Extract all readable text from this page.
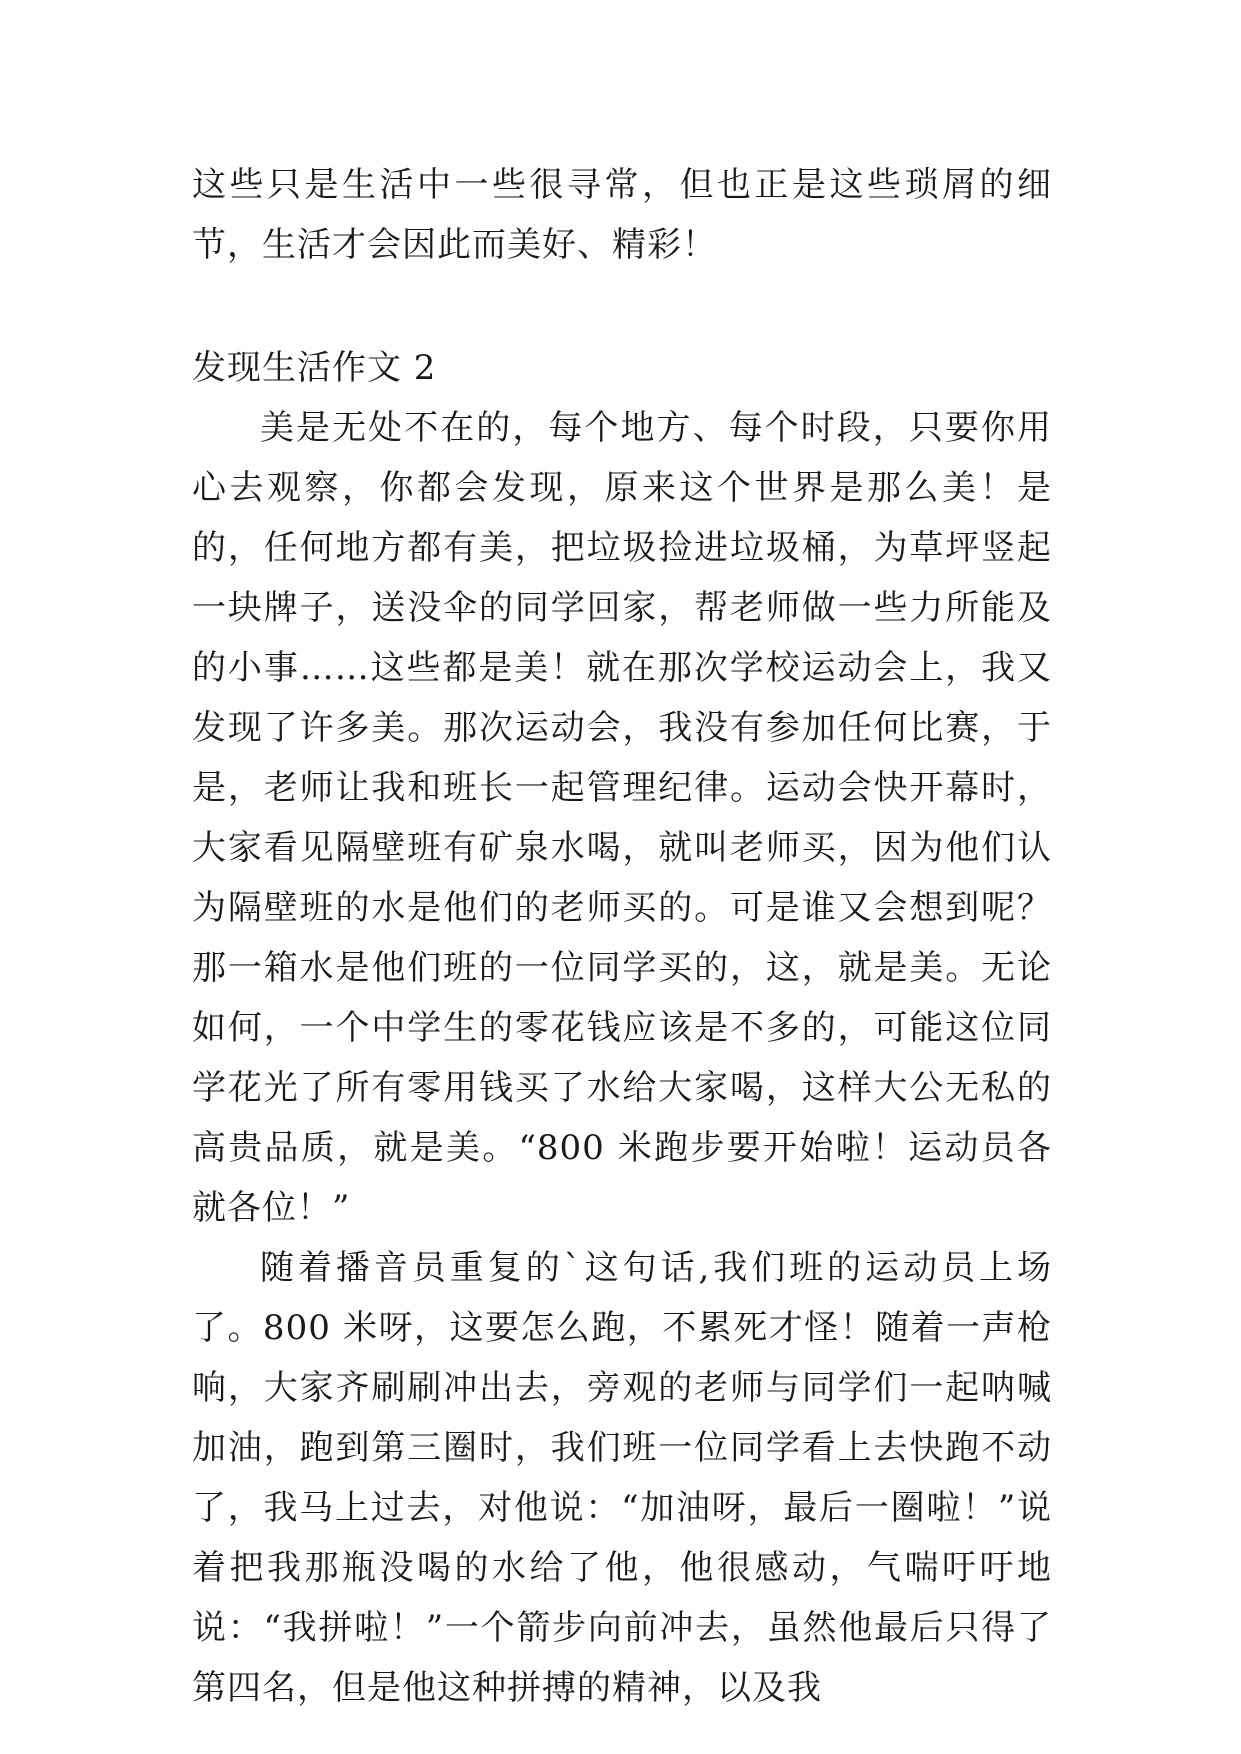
这些只是生活中一些很寻常，但也正是这些琐屑的细节，生活才会因此而美好、精彩！

发现生活作文 2

美是无处不在的，每个地方、每个时段，只要你用心去观察，你都会发现，原来这个世界是那么美！是的，任何地方都有美，把垃圾捡进垃圾桶，为草坪竖起一块牌子，送没伞的同学回家，帮老师做一些力所能及的小事……这些都是美！就在那次学校运动会上，我又发现了许多美。那次运动会，我没有参加任何比赛，于是，老师让我和班长一起管理纪律。运动会快开幕时，大家看见隔壁班有矿泉水喝，就叫老师买，因为他们认为隔壁班的水是他们的老师买的。可是谁又会想到呢？那一箱水是他们班的一位同学买的，这，就是美。无论如何，一个中学生的零花钱应该是不多的，可能这位同学花光了所有零用钱买了水给大家喝，这样大公无私的高贵品质，就是美。“800 米跑步要开始啦！运动员各就各位！”

随着播音员重复的`这句话,我们班的运动员上场了。800 米呀，这要怎么跑，不累死才怪！随着一声枪响，大家齐刷刷冲出去，旁观的老师与同学们一起呐喊加油，跑到第三圈时，我们班一位同学看上去快跑不动了，我马上过去，对他说：“加油呀，最后一圈啦！”说着把我那瓶没喝的水给了他，他很感动，气喘吁吁地说：“我拼啦！”一个箭步向前冲去，虽然他最后只得了第四名，但是他这种拼搏的精神，以及我
